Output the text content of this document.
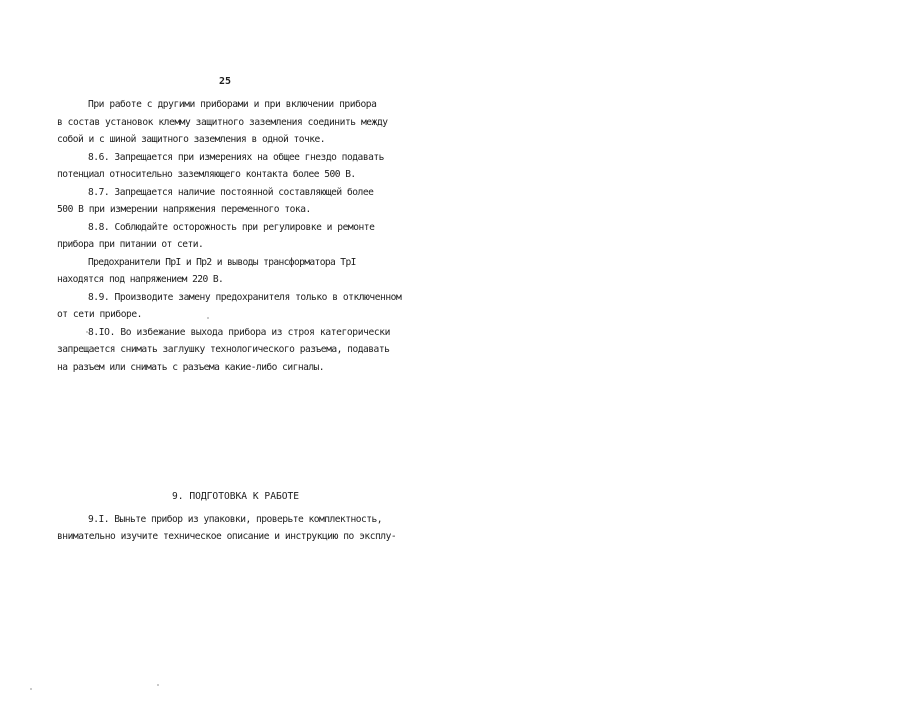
25
При работе с другими приборами и при включении прибора
в состав установок клемму защитного заземления соединить между
собой и с шиной защитного заземления в одной точке.
8.6. Запрещается при измерениях на общее гнездо подавать
потенциал относительно заземляющего контакта более 500 В.
8.7. Запрещается наличие постоянной составляющей более
500 В при измерении напряжения переменного тока.
8.8. Соблюдайте осторожность при регулировке и ремонте
прибора при питании от сети.
Предохранители ПрI и Пр2 и выводы трансформатора ТрI
находятся под напряжением 220 В.
8.9. Производите замену предохранителя только в отключенном
от сети приборе.
8.IO. Во избежание выхода прибора из строя категорически
запрещается снимать заглушку технологического разъема, подавать
на разъем или снимать с разъема какие-либо сигналы.
9. ПОДГОТОВКА К РАБОТЕ
9.I. Выньте прибор из упаковки, проверьте комплектность,
внимательно изучите техническое описание и инструкцию по эксплу-
